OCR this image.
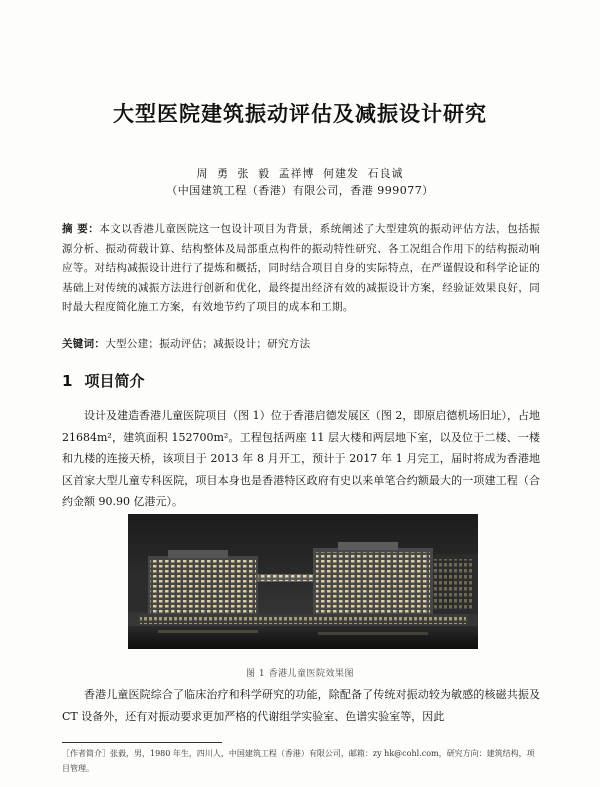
大型医院建筑振动评估及减振设计研究
周 勇 张 毅 孟祥博 何建发 石良诚
（中国建筑工程（香港）有限公司，香港 999077）
摘 要：本文以香港儿童医院这一包设计项目为背景，系统阐述了大型建筑的振动评估方法，包括振源分析、振动荷载计算、结构整体及局部重点构件的振动特性研究、各工况组合作用下的结构振动响应等。对结构减振设计进行了提炼和概括，同时结合项目自身的实际特点，在严谨假设和科学论证的基础上对传统的减振方法进行创新和优化，最终提出经济有效的减振设计方案，经验证效果良好，同时最大程度简化施工方案，有效地节约了项目的成本和工期。
关键词：大型公建；振动评估；减振设计；研究方法
1 项目简介
设计及建造香港儿童医院项目（图 1）位于香港启德发展区（图 2，即原启德机场旧址），占地 21684m²，建筑面积 152700m²。工程包括两座 11 层大楼和两层地下室，以及位于二楼、一楼和九楼的连接天桥，该项目于 2013 年 8 月开工，预计于 2017 年 1 月完工，届时将成为香港地区首家大型儿童专科医院，项目本身也是香港特区政府有史以来单笔合约额最大的一项建工程（合约金额 90.90 亿港元）。
图 1 香港儿童医院效果图
香港儿童医院综合了临床治疗和科学研究的功能，除配备了传统对振动较为敏感的核磁共振及 CT 设备外，还有对振动要求更加严格的代谢组学实验室、色谱实验室等，因此
［作者简介］张毅，男，1980 年生，四川人，中国建筑工程（香港）有限公司，邮箱：zy hk@cohl.com，研究方向：建筑结构，项目管理。
